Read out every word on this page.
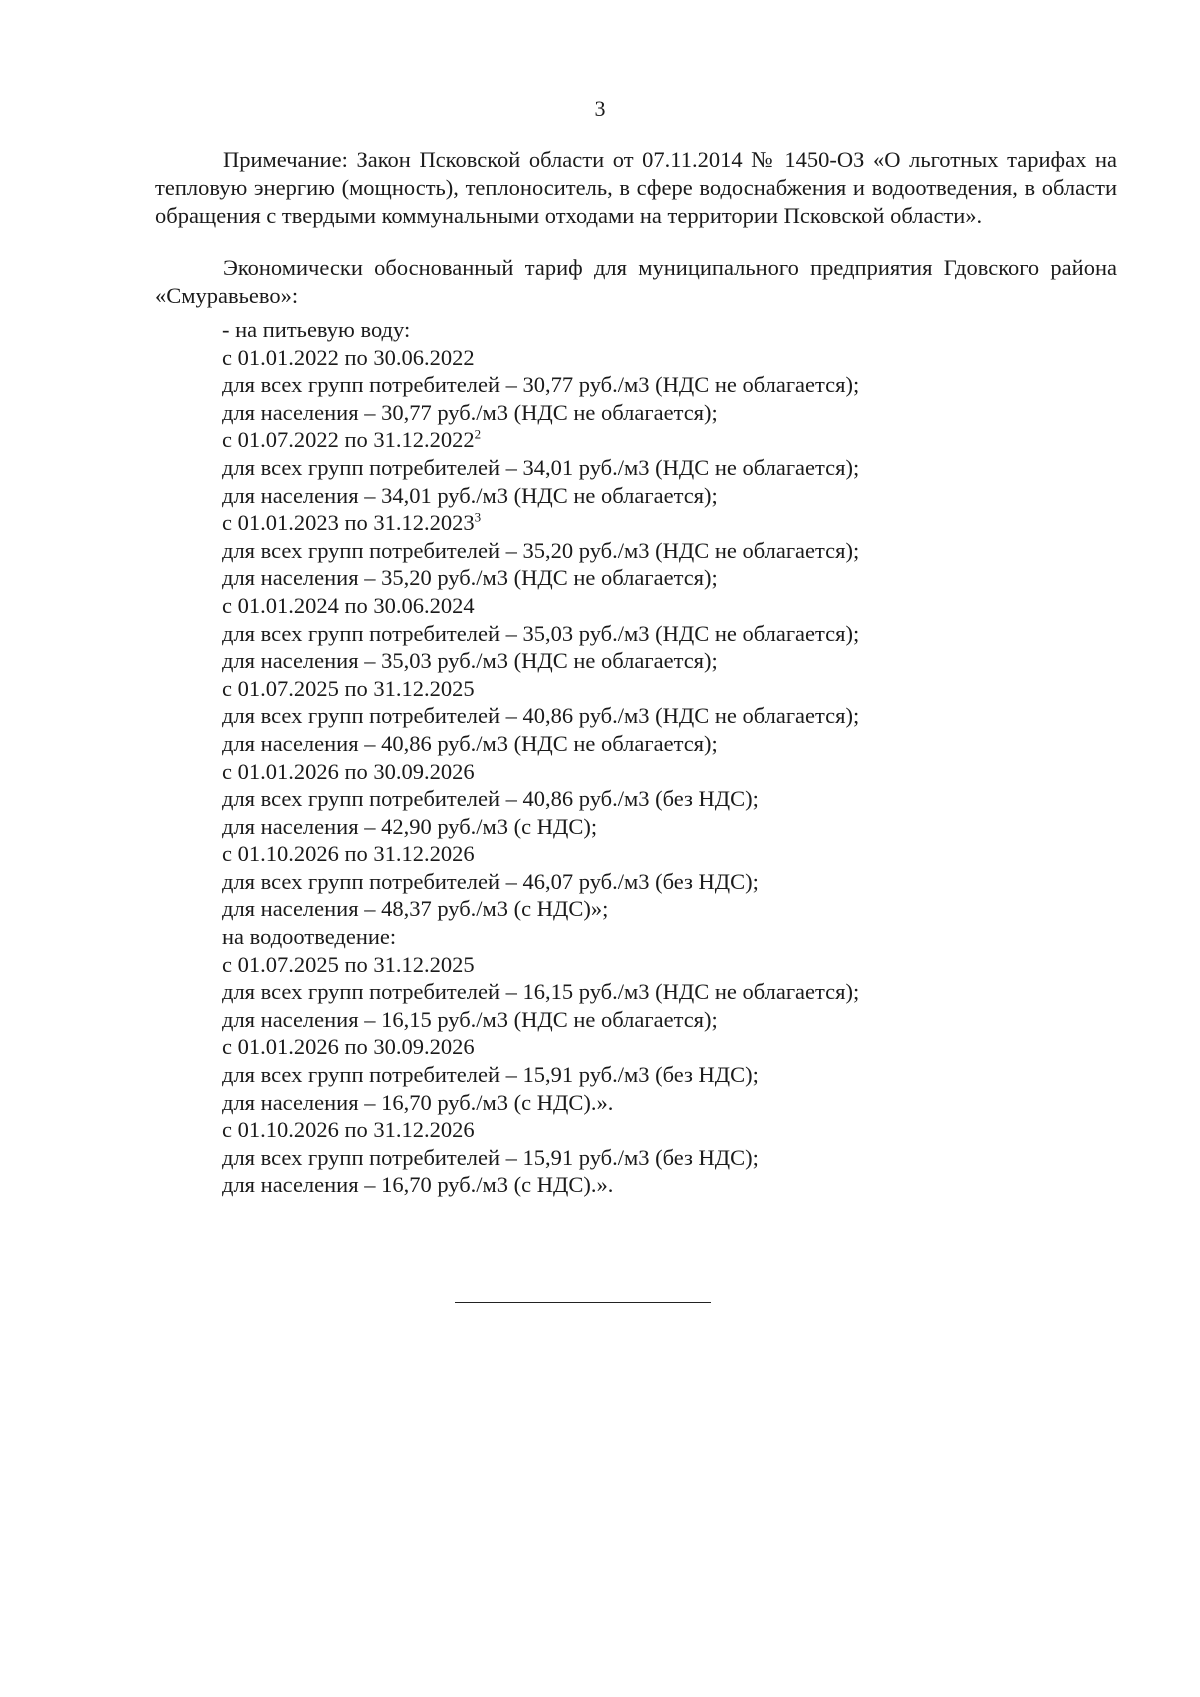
3

Примечание: Закон Псковской области от 07.11.2014 № 1450-ОЗ «О льготных тарифах на тепловую энергию (мощность), теплоноситель, в сфере водоснабжения и водоотведения, в области обращения с твердыми коммунальными отходами на территории Псковской области».

Экономически обоснованный тариф для муниципального предприятия Гдовского района «Смуравьево»:

- на питьевую воду:
с 01.01.2022 по 30.06.2022
для всех групп потребителей – 30,77 руб./м3 (НДС не облагается);
для населения – 30,77 руб./м3 (НДС не облагается);
с 01.07.2022 по 31.12.2022$^2$
для всех групп потребителей – 34,01 руб./м3 (НДС не облагается);
для населения – 34,01 руб./м3 (НДС не облагается);
с 01.01.2023 по 31.12.2023$^3$
для всех групп потребителей – 35,20 руб./м3 (НДС не облагается);
для населения – 35,20 руб./м3 (НДС не облагается);
с 01.01.2024 по 30.06.2024
для всех групп потребителей – 35,03 руб./м3 (НДС не облагается);
для населения – 35,03 руб./м3 (НДС не облагается);
с 01.07.2025 по 31.12.2025
для всех групп потребителей – 40,86 руб./м3 (НДС не облагается);
для населения – 40,86 руб./м3 (НДС не облагается);
с 01.01.2026 по 30.09.2026
для всех групп потребителей – 40,86 руб./м3 (без НДС);
для населения – 42,90 руб./м3 (с НДС);
с 01.10.2026 по 31.12.2026
для всех групп потребителей – 46,07 руб./м3 (без НДС);
для населения – 48,37 руб./м3 (с НДС)»;
на водоотведение:
с 01.07.2025 по 31.12.2025
для всех групп потребителей – 16,15 руб./м3 (НДС не облагается);
для населения – 16,15 руб./м3 (НДС не облагается);
с 01.01.2026 по 30.09.2026
для всех групп потребителей – 15,91 руб./м3 (без НДС);
для населения – 16,70 руб./м3 (с НДС).».
с 01.10.2026 по 31.12.2026
для всех групп потребителей – 15,91 руб./м3 (без НДС);
для населения – 16,70 руб./м3 (с НДС).».
